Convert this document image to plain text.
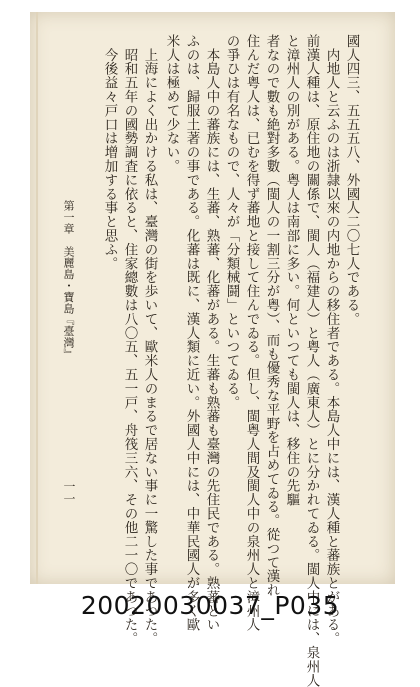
國人四三、五五五八、外國人二〇七人である。
　内地人と云ふのは浙隷以來の内地からの移住者である。本島人中には、漢人種と蕃族とがある。
前漢人種は、原住地の關係で、閩人（福建人）と粤人（廣東人）とに分かれてゐる。閩人中には、泉州人
と漳州人の別がある。粤人は南部に多い。何といつても閩人は、移住の先驅
者なので數も絶對多數（閩人の一割三分が粤）、而も優秀な平野を占めてゐる。從つて漢れ
住んだ粤人は、已むを得ず蕃地と接して住んでゐる。但し、閩粤人間及閩人中の泉州人と漳州人
の爭ひは有名なもので、人々が「分類械鬪」といつてゐる。
　本島人中の蕃族には、生蕃、熟蕃、化蕃がある。生蕃も熟蕃も臺灣の先住民である。熟蕃とい
ふのは、歸服土著の事である。化蕃は既に、漢人類に近い。外國人中には、中華民國人が多く歐
米人は極めて少ない。
　上海によく出かける私は、臺灣の街を歩いて、歐米人のまるで居ない事に一驚した事であつた。
　昭和五年の國勢調査に依ると、住家總數は八〇五、五一戸、舟筏三六、その他二一〇であつた。
　今後益々戸口は增加する事と思ふ。
第一章　美麗島・寶島『臺灣』
一一
20020030037_P035
